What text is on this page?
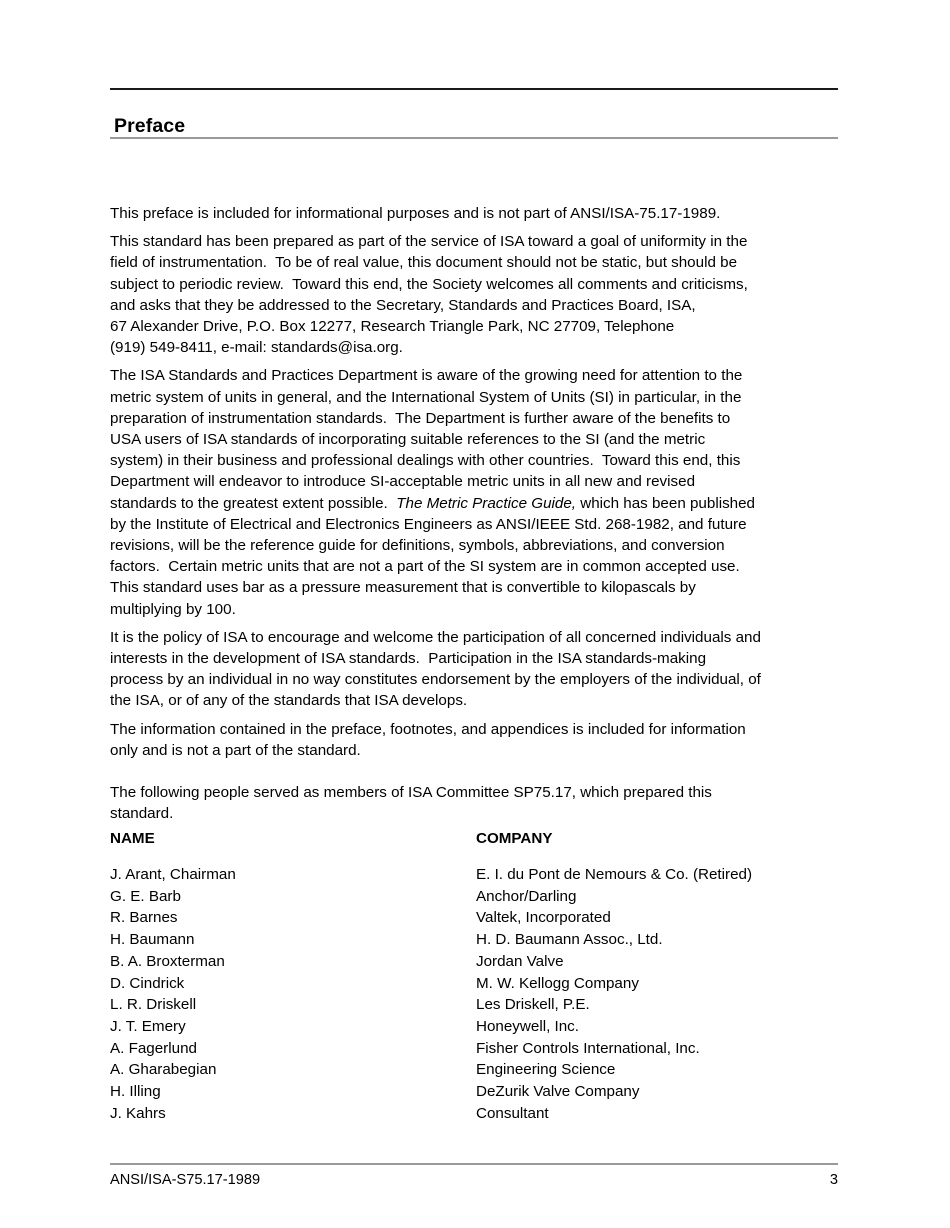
Preface

This preface is included for informational purposes and is not part of ANSI/ISA-75.17-1989.

This standard has been prepared as part of the service of ISA toward a goal of uniformity in the
field of instrumentation.  To be of real value, this document should not be static, but should be
subject to periodic review.  Toward this end, the Society welcomes all comments and criticisms,
and asks that they be addressed to the Secretary, Standards and Practices Board, ISA,
67 Alexander Drive, P.O. Box 12277, Research Triangle Park, NC 27709, Telephone
(919) 549-8411, e-mail: standards@isa.org.

The ISA Standards and Practices Department is aware of the growing need for attention to the
metric system of units in general, and the International System of Units (SI) in particular, in the
preparation of instrumentation standards.  The Department is further aware of the benefits to
USA users of ISA standards of incorporating suitable references to the SI (and the metric
system) in their business and professional dealings with other countries.  Toward this end, this
Department will endeavor to introduce SI-acceptable metric units in all new and revised
standards to the greatest extent possible.  The Metric Practice Guide, which has been published
by the Institute of Electrical and Electronics Engineers as ANSI/IEEE Std. 268-1982, and future
revisions, will be the reference guide for definitions, symbols, abbreviations, and conversion
factors.  Certain metric units that are not a part of the SI system are in common accepted use.
This standard uses bar as a pressure measurement that is convertible to kilopascals by
multiplying by 100.

It is the policy of ISA to encourage and welcome the participation of all concerned individuals and
interests in the development of ISA standards.  Participation in the ISA standards-making
process by an individual in no way constitutes endorsement by the employers of the individual, of
the ISA, or of any of the standards that ISA develops.

The information contained in the preface, footnotes, and appendices is included for information
only and is not a part of the standard.

The following people served as members of ISA Committee SP75.17, which prepared this
standard.

NAME	COMPANY
J. Arant, Chairman	E. I. du Pont de Nemours & Co. (Retired)
G. E. Barb	Anchor/Darling
R. Barnes	Valtek, Incorporated
H. Baumann	H. D. Baumann Assoc., Ltd.
B. A. Broxterman	Jordan Valve
D. Cindrick	M. W. Kellogg Company
L. R. Driskell	Les Driskell, P.E.
J. T. Emery	Honeywell, Inc.
A. Fagerlund	Fisher Controls International, Inc.
A. Gharabegian	Engineering Science
H. Illing	DeZurik Valve Company
J. Kahrs	Consultant
ANSI/ISA-S75.17-1989	3
